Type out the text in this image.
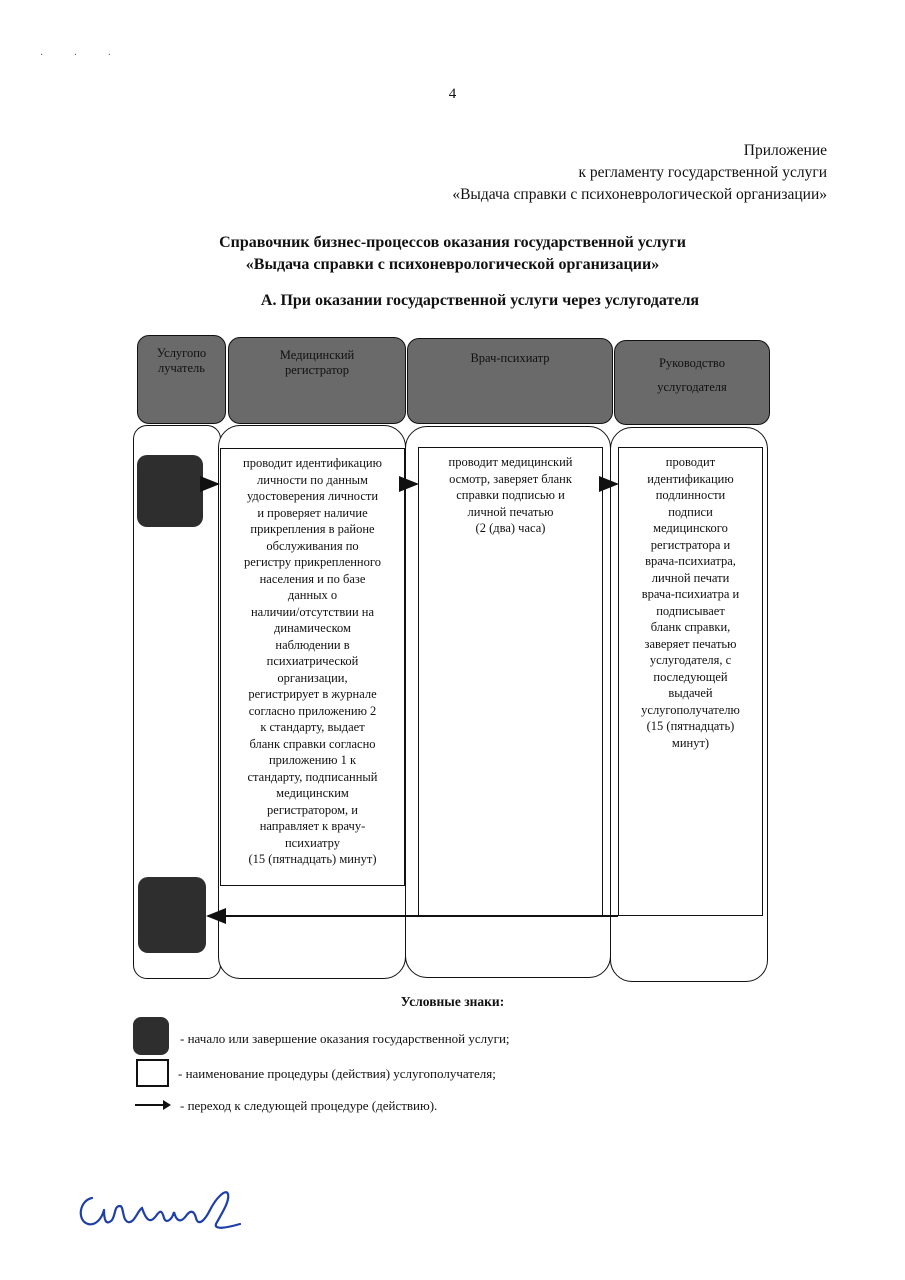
· · ·
4
Приложение
к регламенту государственной услуги
«Выдача справки с психоневрологической организации»
Справочник бизнес-процессов оказания государственной услуги
«Выдача справки с психоневрологической организации»
А. При оказании государственной услуги через услугодателя
Услугопо
лучатель
Медицинский
регистратор
Врач-психиатр	Руководство
услугодателя
проводит идентификацию
личности по данным
удостоверения личности
и проверяет наличие
прикрепления в районе
обслуживания по
регистру прикрепленного
населения и по базе
данных о
наличии/отсутствии на
динамическом
наблюдении в
психиатрической
организации,
регистрирует в журнале
согласно приложению 2
к стандарту, выдает
бланк справки согласно
приложению 1 к
стандарту, подписанный
медицинским
регистратором, и
направляет к врачу-
психиатру
(15 (пятнадцать) минут)
проводит медицинский
осмотр, заверяет бланк
справки подписью и
личной печатью
(2 (два) часа)
проводит
идентификацию
подлинности
подписи
медицинского
регистратора и
врача-психиатра,
личной печати
врача-психиатра и
подписывает
бланк справки,
заверяет печатью
услугодателя, с
последующей
выдачей
услугополучателю
(15 (пятнадцать)
минут)
Условные знаки:
- начало или завершение оказания государственной услуги;
- наименование процедуры (действия) услугополучателя;
- переход к следующей процедуре (действию).
